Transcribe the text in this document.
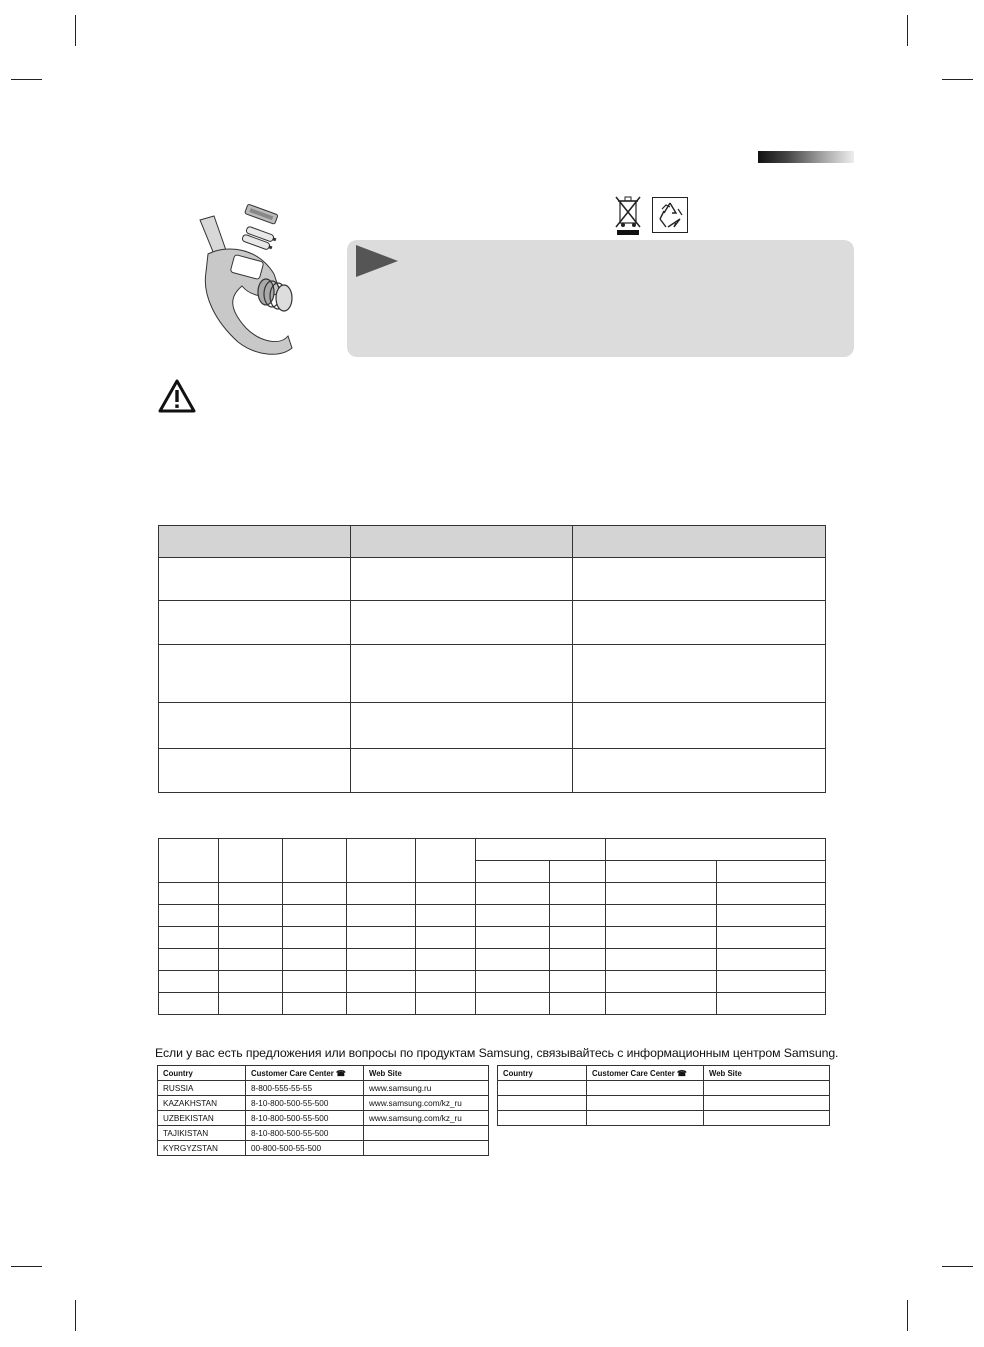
Если у вас есть предложения или вопросы по продуктам Samsung, связывайтесь с информационным центром Samsung.
Country	Customer Care Center ☎	Web Site
RUSSIA	8-800-555-55-55	www.samsung.ru
KAZAKHSTAN	8-10-800-500-55-500	www.samsung.com/kz_ru
UZBEKISTAN	8-10-800-500-55-500	www.samsung.com/kz_ru
TAJIKISTAN	8-10-800-500-55-500	
KYRGYZSTAN	00-800-500-55-500	
Country	Customer Care Center ☎	Web Site
